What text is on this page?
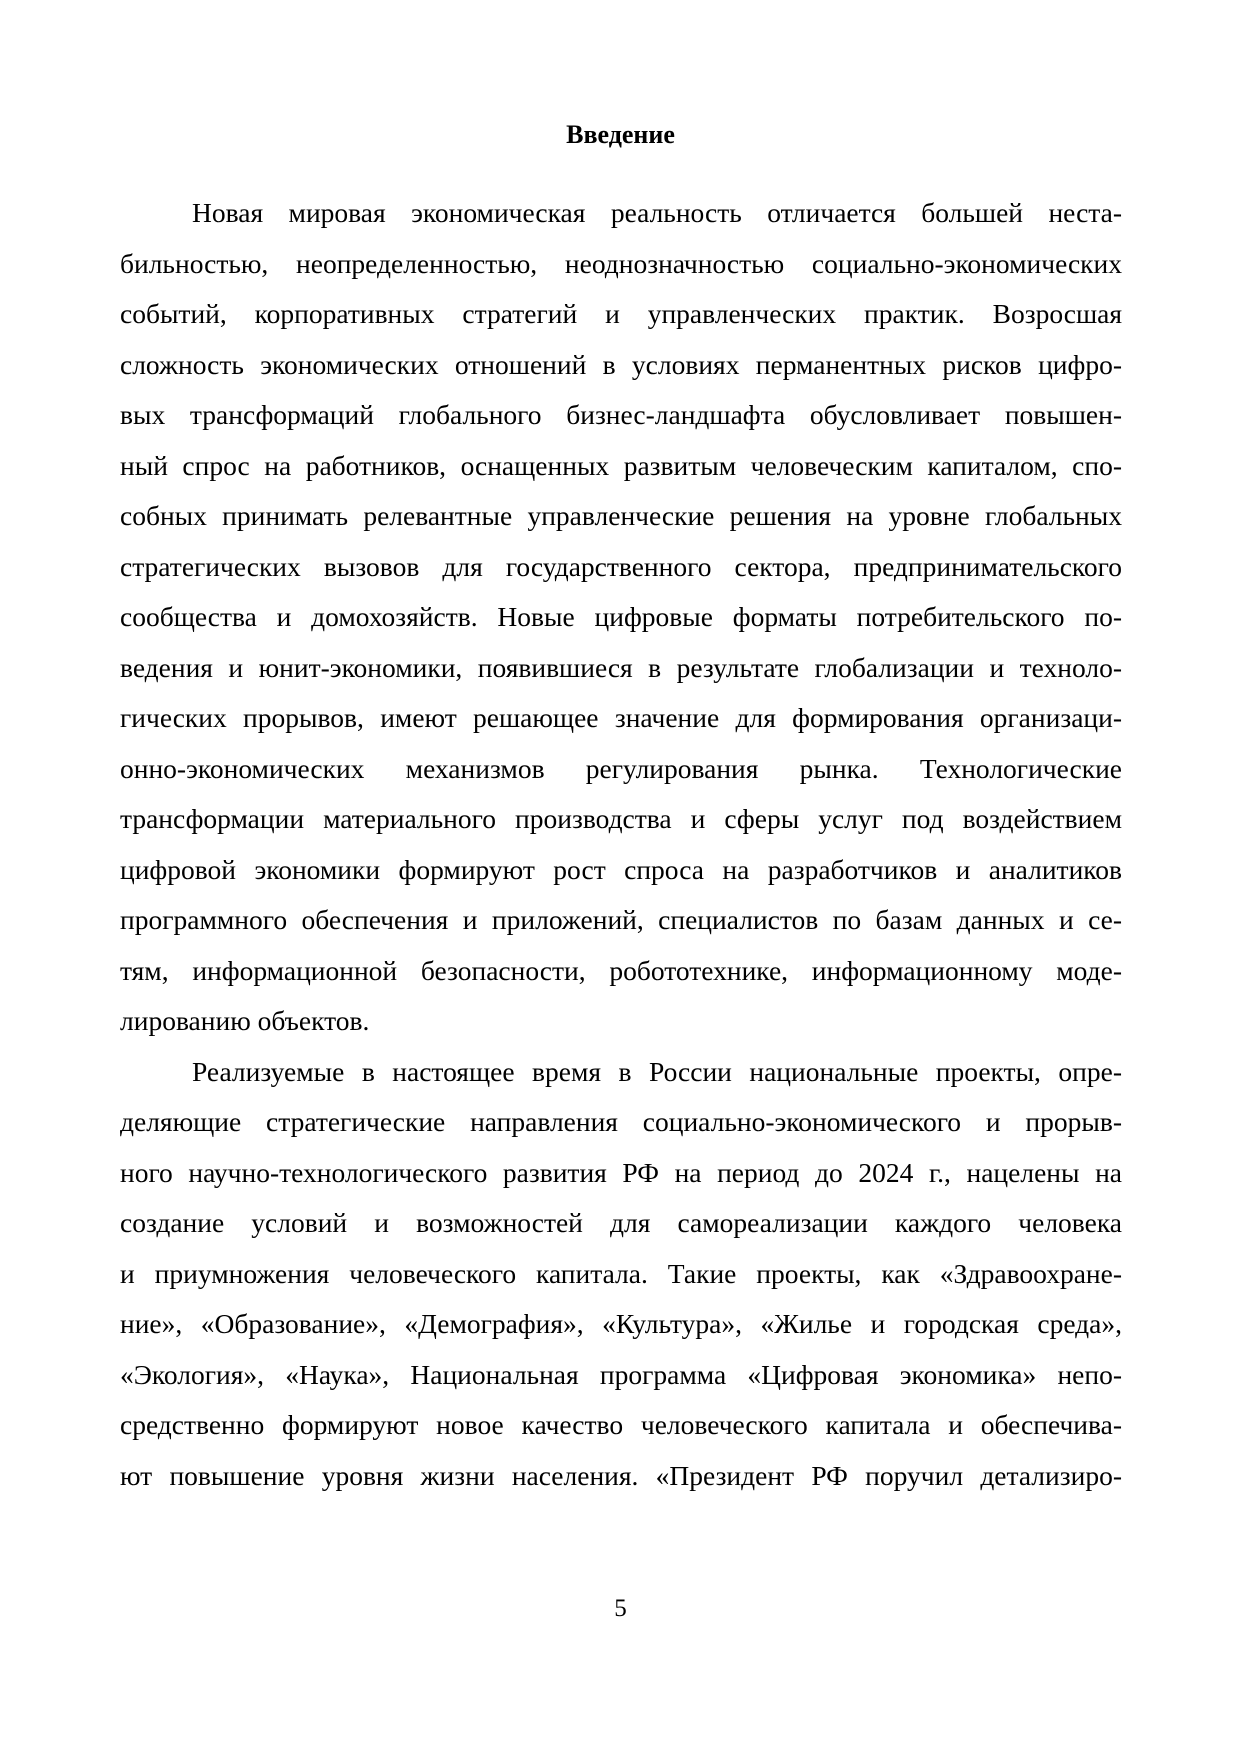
Введение
Новая мировая экономическая реальность отличается большей неста-
бильностью, неопределенностью, неоднозначностью социально-экономических
событий, корпоративных стратегий и управленческих практик. Возросшая
сложность экономических отношений в условиях перманентных рисков цифро-
вых трансформаций глобального бизнес-ландшафта обусловливает повышен-
ный спрос на работников, оснащенных развитым человеческим капиталом, спо-
собных принимать релевантные управленческие решения на уровне глобальных
стратегических вызовов для государственного сектора, предпринимательского
сообщества и домохозяйств. Новые цифровые форматы потребительского по-
ведения и юнит-экономики, появившиеся в результате глобализации и техноло-
гических прорывов, имеют решающее значение для формирования организаци-
онно-экономических механизмов регулирования рынка. Технологические
трансформации материального производства и сферы услуг под воздействием
цифровой экономики формируют рост спроса на разработчиков и аналитиков
программного обеспечения и приложений, специалистов по базам данных и се-
тям, информационной безопасности, робототехнике, информационному моде-
лированию объектов.
Реализуемые в настоящее время в России национальные проекты, опре-
деляющие стратегические направления социально-экономического и прорыв-
ного научно-технологического развития РФ на период до 2024 г., нацелены на
создание условий и возможностей для самореализации каждого человека
и приумножения человеческого капитала. Такие проекты, как «Здравоохране-
ние», «Образование», «Демография», «Культура», «Жилье и городская среда»,
«Экология», «Наука», Национальная программа «Цифровая экономика» непо-
средственно формируют новое качество человеческого капитала и обеспечива-
ют повышение уровня жизни населения. «Президент РФ поручил детализиро-
5
